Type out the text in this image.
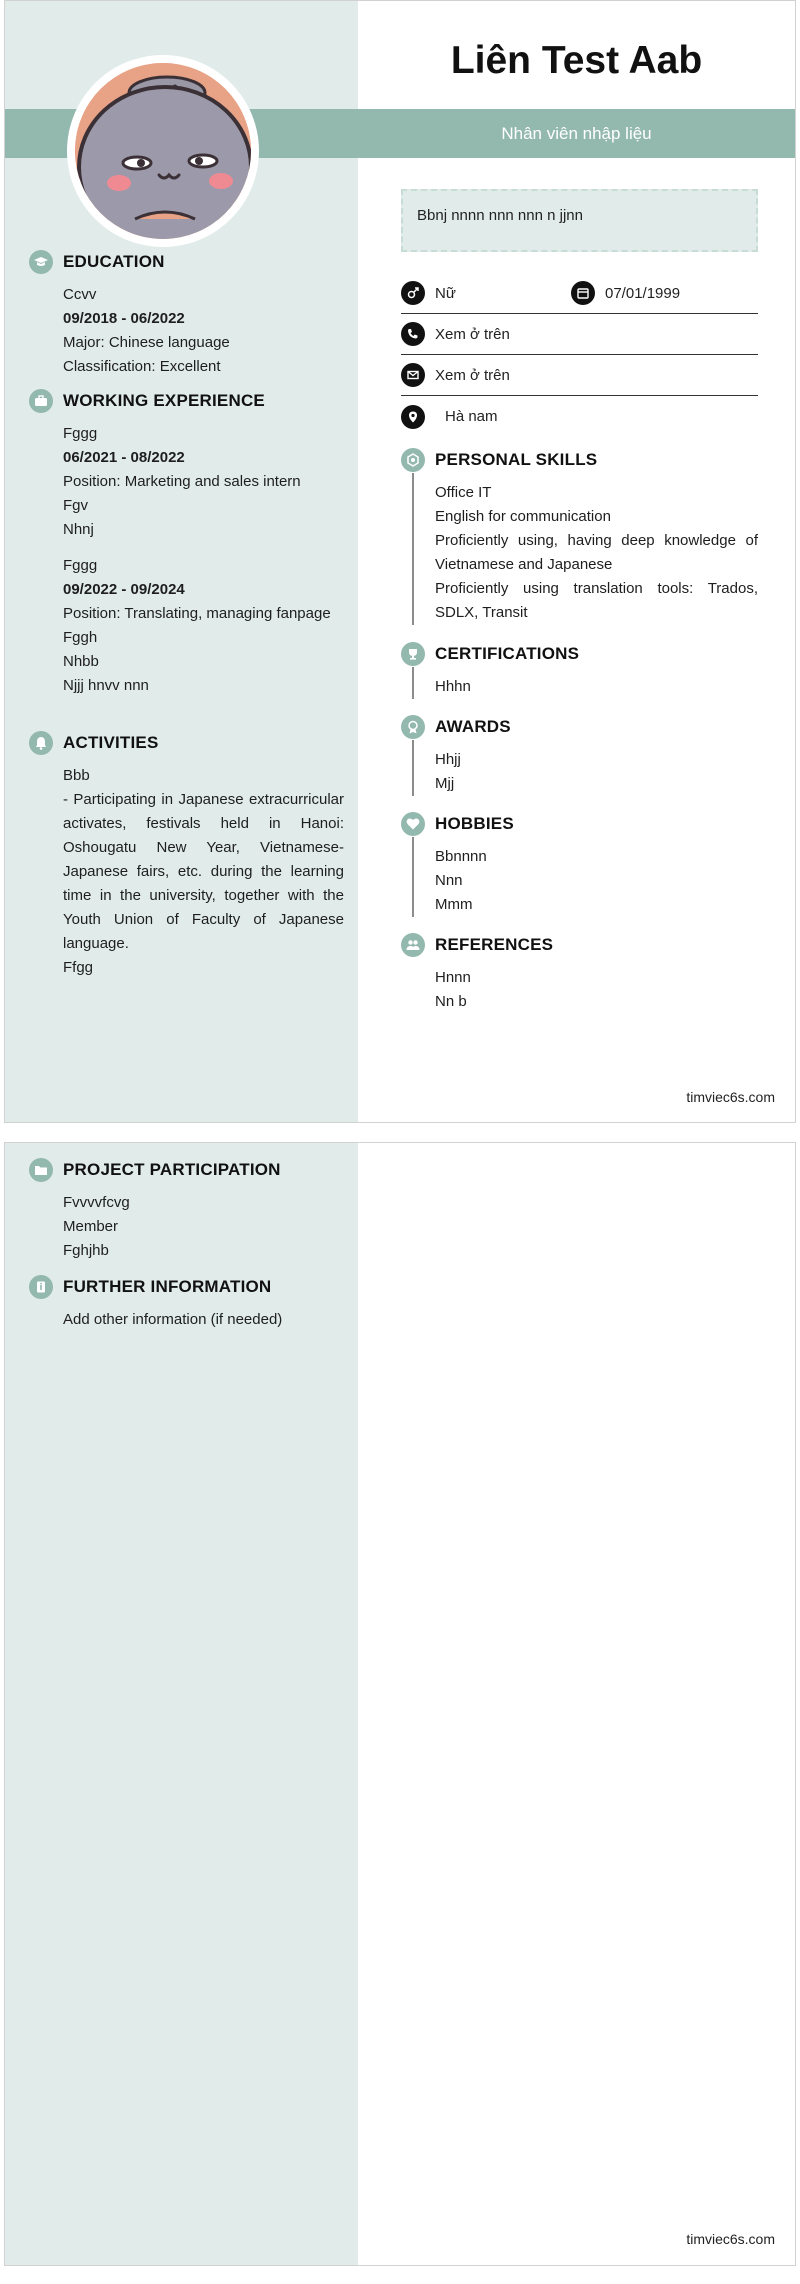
Liên Test Aab
Nhân viên nhập liệu
EDUCATION

Ccvv

09/2018 - 06/2022

Major: Chinese language

Classification: Excellent

WORKING EXPERIENCE

Fggg

06/2021 - 08/2022

Position: Marketing and sales intern

Fgv

Nhnj

Fggg

09/2022 - 09/2024

Position: Translating, managing fanpage

Fggh

Nhbb

Njjj hnvv nnn

ACTIVITIES

Bbb

- Participating in Japanese extracurricular activates, festivals held in Hanoi: Oshougatu New Year, Vietnamese-Japanese fairs, etc. during the learning time in the university, together with the Youth Union of Faculty of Japanese language.

Ffgg

Bbnj nnnn nnn nnn n jjnn
Nữ	07/01/1999
Xem ở trên
Xem ở trên
Hà nam
PERSONAL SKILLS

Office IT

English for communication

Proficiently using, having deep knowledge of Vietnamese and Japanese

Proficiently using translation tools: Trados, SDLX, Transit

CERTIFICATIONS

Hhhn

AWARDS

Hhjj

Mjj

HOBBIES

Bbnnnn

Nnn

Mmm

REFERENCES

Hnnn

Nn b

timviec6s.com
PROJECT PARTICIPATION

Fvvvvfcvg

Member

Fghjhb

FURTHER INFORMATION

Add other information (if needed)

timviec6s.com
